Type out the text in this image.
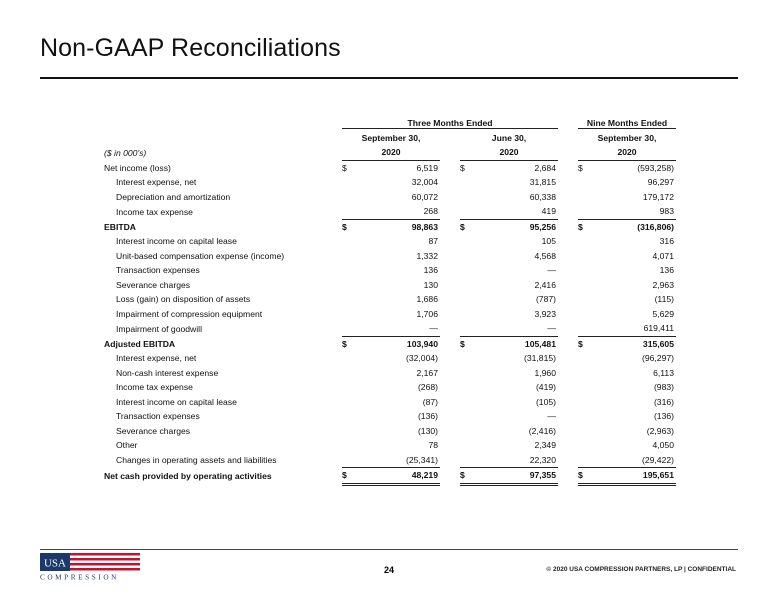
Non-GAAP Reconciliations
	Three Months Ended						Nine Months Ended	
	September 30,			June 30,			September 30,	
($ in 000's)	2020			2020			2020	
Net income (loss)	$	6,519		$	2,684		$	(593,258)
Interest expense, net		32,004			31,815			96,297
Depreciation and amortization		60,072			60,338			179,172
Income tax expense		268			419			983
EBITDA	$	98,863		$	95,256		$	(316,806)
Interest income on capital lease		87			105			316
Unit-based compensation expense (income)		1,332			4,568			4,071
Transaction expenses		136			—			136
Severance charges		130			2,416			2,963
Loss (gain) on disposition of assets		1,686			(787)			(115)
Impairment of compression equipment		1,706			3,923			5,629
Impairment of goodwill		—			—			619,411
Adjusted EBITDA	$	103,940		$	105,481		$	315,605
Interest expense, net		(32,004)			(31,815)			(96,297)
Non-cash interest expense		2,167			1,960			6,113
Income tax expense		(268)			(419)			(983)
Interest income on capital lease		(87)			(105)			(316)
Transaction expenses		(136)			—			(136)
Severance charges		(130)			(2,416)			(2,963)
Other		78			2,349			4,050
Changes in operating assets and liabilities		(25,341)			22,320			(29,422)
Net cash provided by operating activities	$	48,219		$	97,355		$	195,651
USA
COMPRESSION
24	© 2020 USA COMPRESSION PARTNERS, LP | CONFIDENTIAL
